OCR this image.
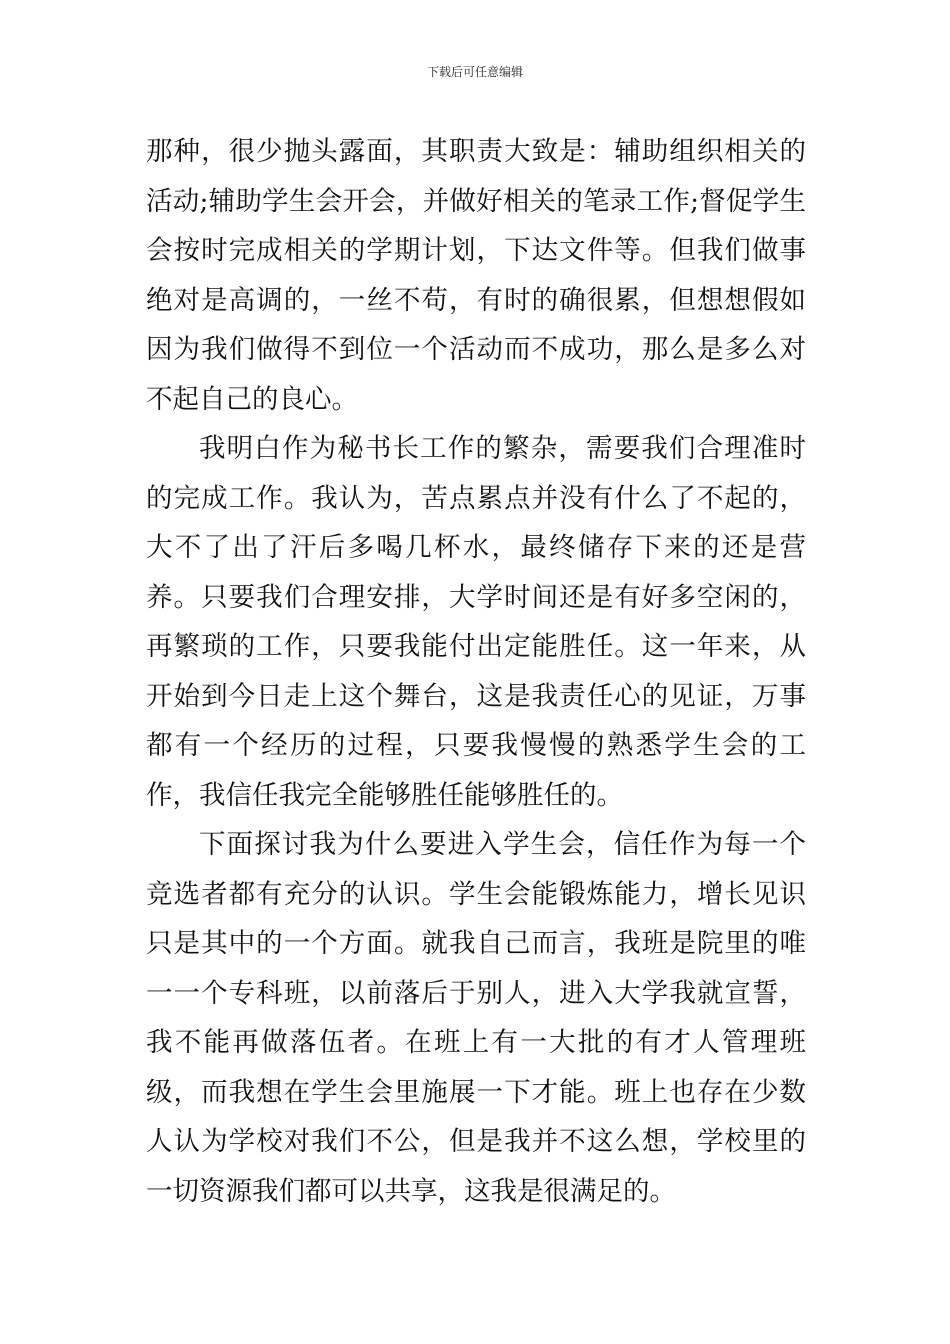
下载后可任意编辑

那种，很少抛头露面，其职责大致是：辅助组织相关的活动;辅助学生会开会，并做好相关的笔录工作;督促学生会按时完成相关的学期计划，下达文件等。但我们做事绝对是高调的，一丝不苟，有时的确很累，但想想假如因为我们做得不到位一个活动而不成功，那么是多么对不起自己的良心。

我明白作为秘书长工作的繁杂，需要我们合理准时的完成工作。我认为，苦点累点并没有什么了不起的，大不了出了汗后多喝几杯水，最终储存下来的还是营养。只要我们合理安排，大学时间还是有好多空闲的，再繁琐的工作，只要我能付出定能胜任。这一年来，从开始到今日走上这个舞台，这是我责任心的见证，万事都有一个经历的过程，只要我慢慢的熟悉学生会的工作，我信任我完全能够胜任能够胜任的。

下面探讨我为什么要进入学生会，信任作为每一个竞选者都有充分的认识。学生会能锻炼能力，增长见识只是其中的一个方面。就我自己而言，我班是院里的唯一一个专科班，以前落后于别人，进入大学我就宣誓，我不能再做落伍者。在班上有一大批的有才人管理班级，而我想在学生会里施展一下才能。班上也存在少数人认为学校对我们不公，但是我并不这么想，学校里的一切资源我们都可以共享，这我是很满足的。
